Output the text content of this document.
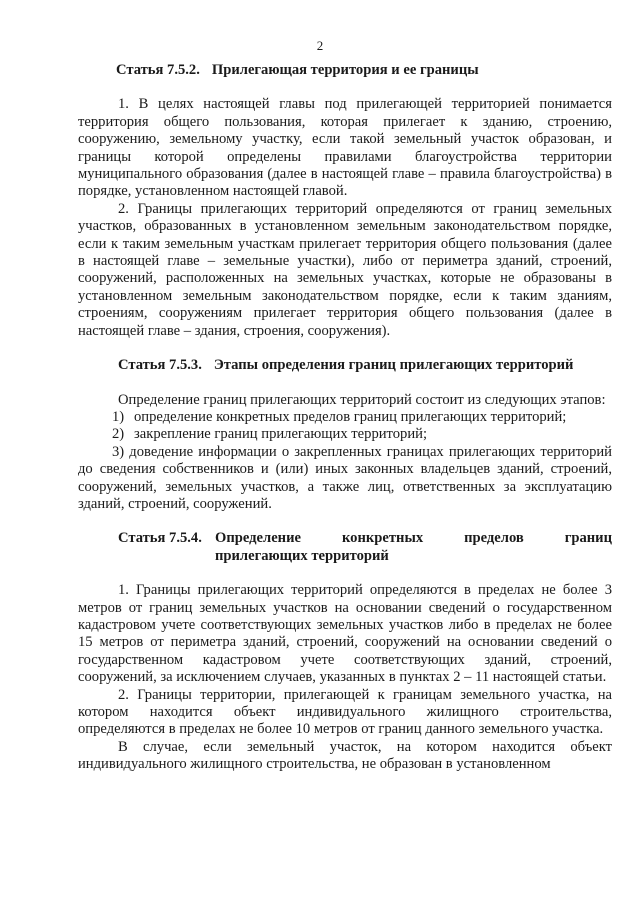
2
Статья 7.5.2. Прилегающая территория и ее границы

1. В целях настоящей главы под прилегающей территорией понимается территория общего пользования, которая прилегает к зданию, строению, сооружению, земельному участку, если такой земельный участок образован, и границы которой определены правилами благоустройства территории муниципального образования (далее в настоящей главе – правила благоустройства) в порядке, установленном настоящей главой.

2. Границы прилегающих территорий определяются от границ земельных участков, образованных в установленном земельным законодательством порядке, если к таким земельным участкам прилегает территория общего пользования (далее в настоящей главе – земельные участки), либо от периметра зданий, строений, сооружений, расположенных на земельных участках, которые не образованы в установленном земельным законодательством порядке, если к таким зданиям, строениям, сооружениям прилегает территория общего пользования (далее в настоящей главе – здания, строения, сооружения).

Статья 7.5.3. Этапы определения границ прилегающих территорий

Определение границ прилегающих территорий состоит из следующих этапов:

1) определение конкретных пределов границ прилегающих территорий;
2) закрепление границ прилегающих территорий;

3) доведение информации о закрепленных границах прилегающих территорий до сведения собственников и (или) иных законных владельцев зданий, строений, сооружений, земельных участков, а также лиц, ответственных за эксплуатацию зданий, строений, сооружений.

Статья 7.5.4. Определение	конкретных	пределов	границ
прилегающих территорий

1. Границы прилегающих территорий определяются в пределах не более 3 метров от границ земельных участков на основании сведений о государственном кадастровом учете соответствующих земельных участков либо в пределах не более 15 метров от периметра зданий, строений, сооружений на основании сведений о государственном кадастровом учете соответствующих зданий, строений, сооружений, за исключением случаев, указанных в пунктах 2 – 11 настоящей статьи.

2. Границы территории, прилегающей к границам земельного участка, на котором находится объект индивидуального жилищного строительства, определяются в пределах не более 10 метров от границ данного земельного участка.

В случае, если земельный участок, на котором находится объект индивидуального жилищного строительства, не образован в установленном
